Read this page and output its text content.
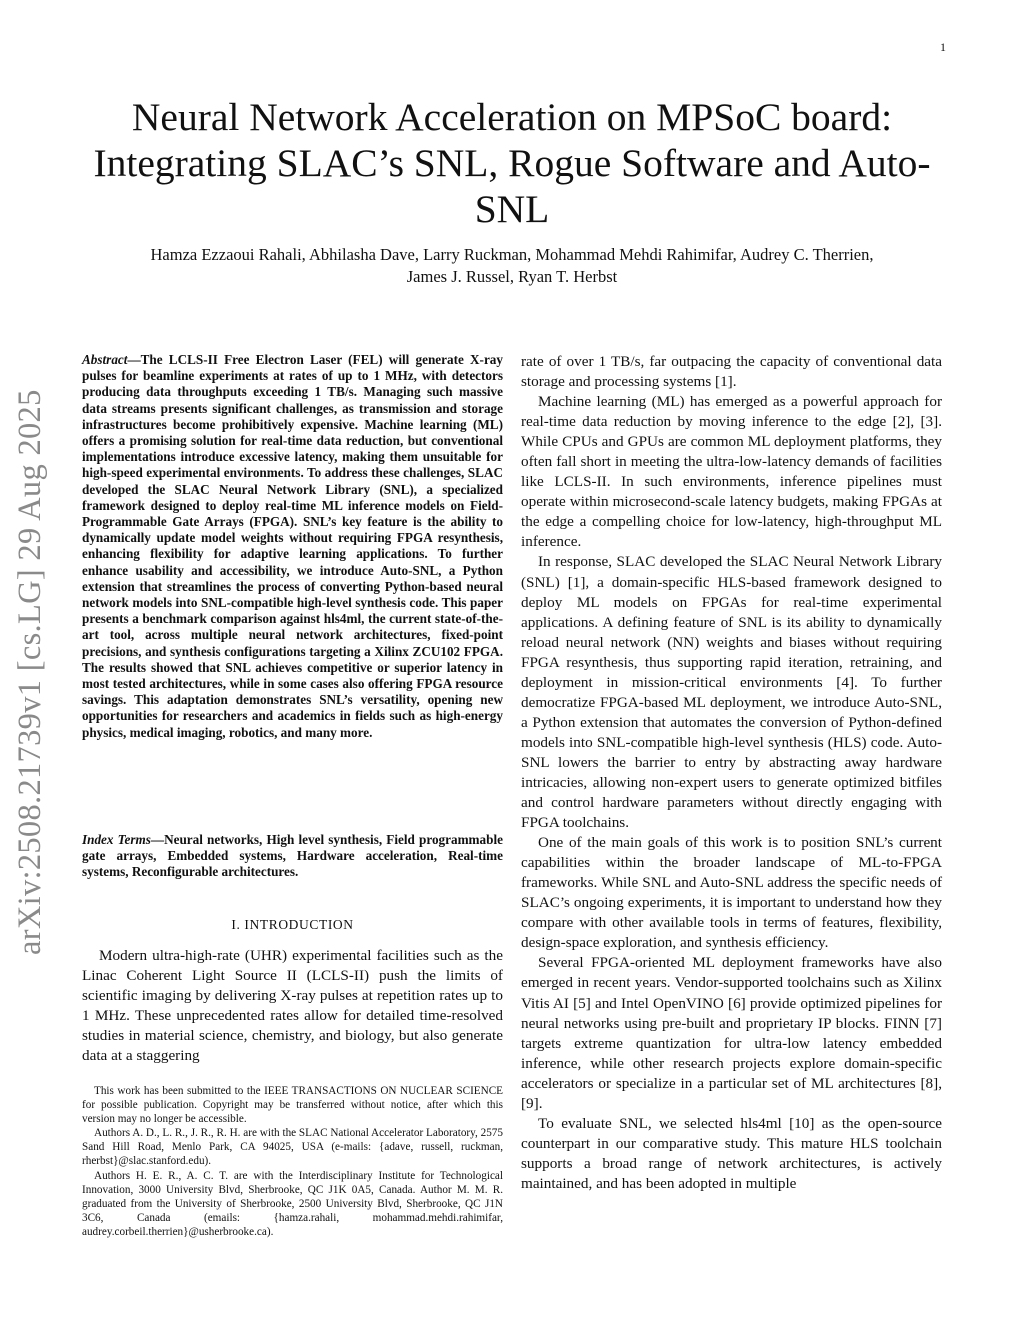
1
arXiv:2508.21739v1 [cs.LG] 29 Aug 2025
Neural Network Acceleration on MPSoC board: Integrating SLAC’s SNL, Rogue Software and Auto-SNL
Hamza Ezzaoui Rahali, Abhilasha Dave, Larry Ruckman, Mohammad Mehdi Rahimifar, Audrey C. Therrien,
James J. Russel, Ryan T. Herbst
Abstract—The LCLS-II Free Electron Laser (FEL) will generate X-ray pulses for beamline experiments at rates of up to 1 MHz, with detectors producing data throughputs exceeding 1 TB/s. Managing such massive data streams presents significant challenges, as transmission and storage infrastructures become prohibitively expensive. Machine learning (ML) offers a promising solution for real-time data reduction, but conventional implementations introduce excessive latency, making them unsuitable for high-speed experimental environments. To address these challenges, SLAC developed the SLAC Neural Network Library (SNL), a specialized framework designed to deploy real-time ML inference models on Field-Programmable Gate Arrays (FPGA). SNL’s key feature is the ability to dynamically update model weights without requiring FPGA resynthesis, enhancing flexibility for adaptive learning applications. To further enhance usability and accessibility, we introduce Auto-SNL, a Python extension that streamlines the process of converting Python-based neural network models into SNL-compatible high-level synthesis code. This paper presents a benchmark comparison against hls4ml, the current state-of-the-art tool, across multiple neural network architectures, fixed-point precisions, and synthesis configurations targeting a Xilinx ZCU102 FPGA. The results showed that SNL achieves competitive or superior latency in most tested architectures, while in some cases also offering FPGA resource savings. This adaptation demonstrates SNL’s versatility, opening new opportunities for researchers and academics in fields such as high-energy physics, medical imaging, robotics, and many more.
Index Terms—Neural networks, High level synthesis, Field programmable gate arrays, Embedded systems, Hardware acceleration, Real-time systems, Reconfigurable architectures.
I. INTRODUCTION

Modern ultra-high-rate (UHR) experimental facilities such as the Linac Coherent Light Source II (LCLS-II) push the limits of scientific imaging by delivering X-ray pulses at repetition rates up to 1 MHz. These unprecedented rates allow for detailed time-resolved studies in material science, chemistry, and biology, but also generate data at a staggering

This work has been submitted to the IEEE TRANSACTIONS ON NUCLEAR SCIENCE for possible publication. Copyright may be transferred without notice, after which this version may no longer be accessible.

Authors A. D., L. R., J. R., R. H. are with the SLAC National Accelerator Laboratory, 2575 Sand Hill Road, Menlo Park, CA 94025, USA (e-mails: {adave, russell, ruckman, rherbst}@slac.stanford.edu).

Authors H. E. R., A. C. T. are with the Interdisciplinary Institute for Technological Innovation, 3000 University Blvd, Sherbrooke, QC J1K 0A5, Canada. Author M. M. R. graduated from the University of Sherbrooke, 2500 University Blvd, Sherbrooke, QC J1N 3C6, Canada (emails: {hamza.rahali, mohammad.mehdi.rahimifar, audrey.corbeil.therrien}@usherbrooke.ca).

rate of over 1 TB/s, far outpacing the capacity of conventional data storage and processing systems [1].

Machine learning (ML) has emerged as a powerful approach for real-time data reduction by moving inference to the edge [2], [3]. While CPUs and GPUs are common ML deployment platforms, they often fall short in meeting the ultra-low-latency demands of facilities like LCLS-II. In such environments, inference pipelines must operate within microsecond-scale latency budgets, making FPGAs at the edge a compelling choice for low-latency, high-throughput ML inference.

In response, SLAC developed the SLAC Neural Network Library (SNL) [1], a domain-specific HLS-based framework designed to deploy ML models on FPGAs for real-time experimental applications. A defining feature of SNL is its ability to dynamically reload neural network (NN) weights and biases without requiring FPGA resynthesis, thus supporting rapid iteration, retraining, and deployment in mission-critical environments [4]. To further democratize FPGA-based ML deployment, we introduce Auto-SNL, a Python extension that automates the conversion of Python-defined models into SNL-compatible high-level synthesis (HLS) code. Auto-SNL lowers the barrier to entry by abstracting away hardware intricacies, allowing non-expert users to generate optimized bitfiles and control hardware parameters without directly engaging with FPGA toolchains.

One of the main goals of this work is to position SNL’s current capabilities within the broader landscape of ML-to-FPGA frameworks. While SNL and Auto-SNL address the specific needs of SLAC’s ongoing experiments, it is important to understand how they compare with other available tools in terms of features, flexibility, design-space exploration, and synthesis efficiency.

Several FPGA-oriented ML deployment frameworks have also emerged in recent years. Vendor-supported toolchains such as Xilinx Vitis AI [5] and Intel OpenVINO [6] provide optimized pipelines for neural networks using pre-built and proprietary IP blocks. FINN [7] targets extreme quantization for ultra-low latency embedded inference, while other research projects explore domain-specific accelerators or specialize in a particular set of ML architectures [8], [9].

To evaluate SNL, we selected hls4ml [10] as the open-source counterpart in our comparative study. This mature HLS toolchain supports a broad range of network architectures, is actively maintained, and has been adopted in multiple
